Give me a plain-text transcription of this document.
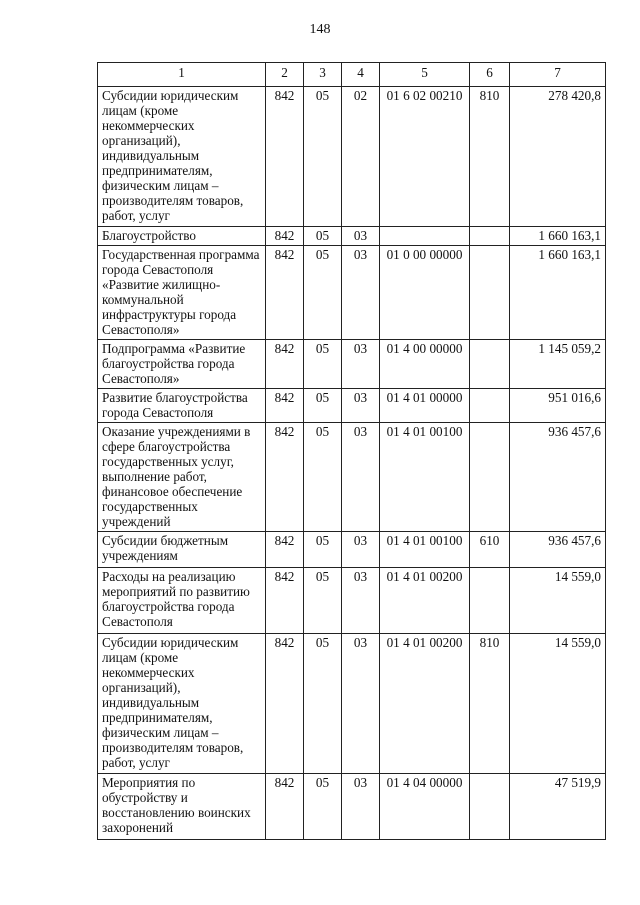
148
1	2	3	4	5	6	7
Субсидии юридическим лицам (кроме некоммерческих организаций), индивидуальным предпринимателям, физическим лицам – производителям товаров, работ, услуг	842	05	02	01 6 02 00210	810	278 420,8
Благоустройство	842	05	03			1 660 163,1
Государственная программа города Севастополя «Развитие жилищно-коммунальной инфраструктуры города Севастополя»	842	05	03	01 0 00 00000		1 660 163,1
Подпрограмма «Развитие благоустройства города Севастополя»	842	05	03	01 4 00 00000		1 145 059,2
Развитие благоустройства города Севастополя	842	05	03	01 4 01 00000		951 016,6
Оказание учреждениями в сфере благоустройства государственных услуг, выполнение работ, финансовое обеспечение государственных учреждений	842	05	03	01 4 01 00100		936 457,6
Субсидии бюджетным учреждениям	842	05	03	01 4 01 00100	610	936 457,6
Расходы на реализацию мероприятий по развитию благоустройства города Севастополя	842	05	03	01 4 01 00200		14 559,0
Субсидии юридическим лицам (кроме некоммерческих организаций), индивидуальным предпринимателям, физическим лицам – производителям товаров, работ, услуг	842	05	03	01 4 01 00200	810	14 559,0
Мероприятия по обустройству и восстановлению воинских захоронений	842	05	03	01 4 04 00000		47 519,9
